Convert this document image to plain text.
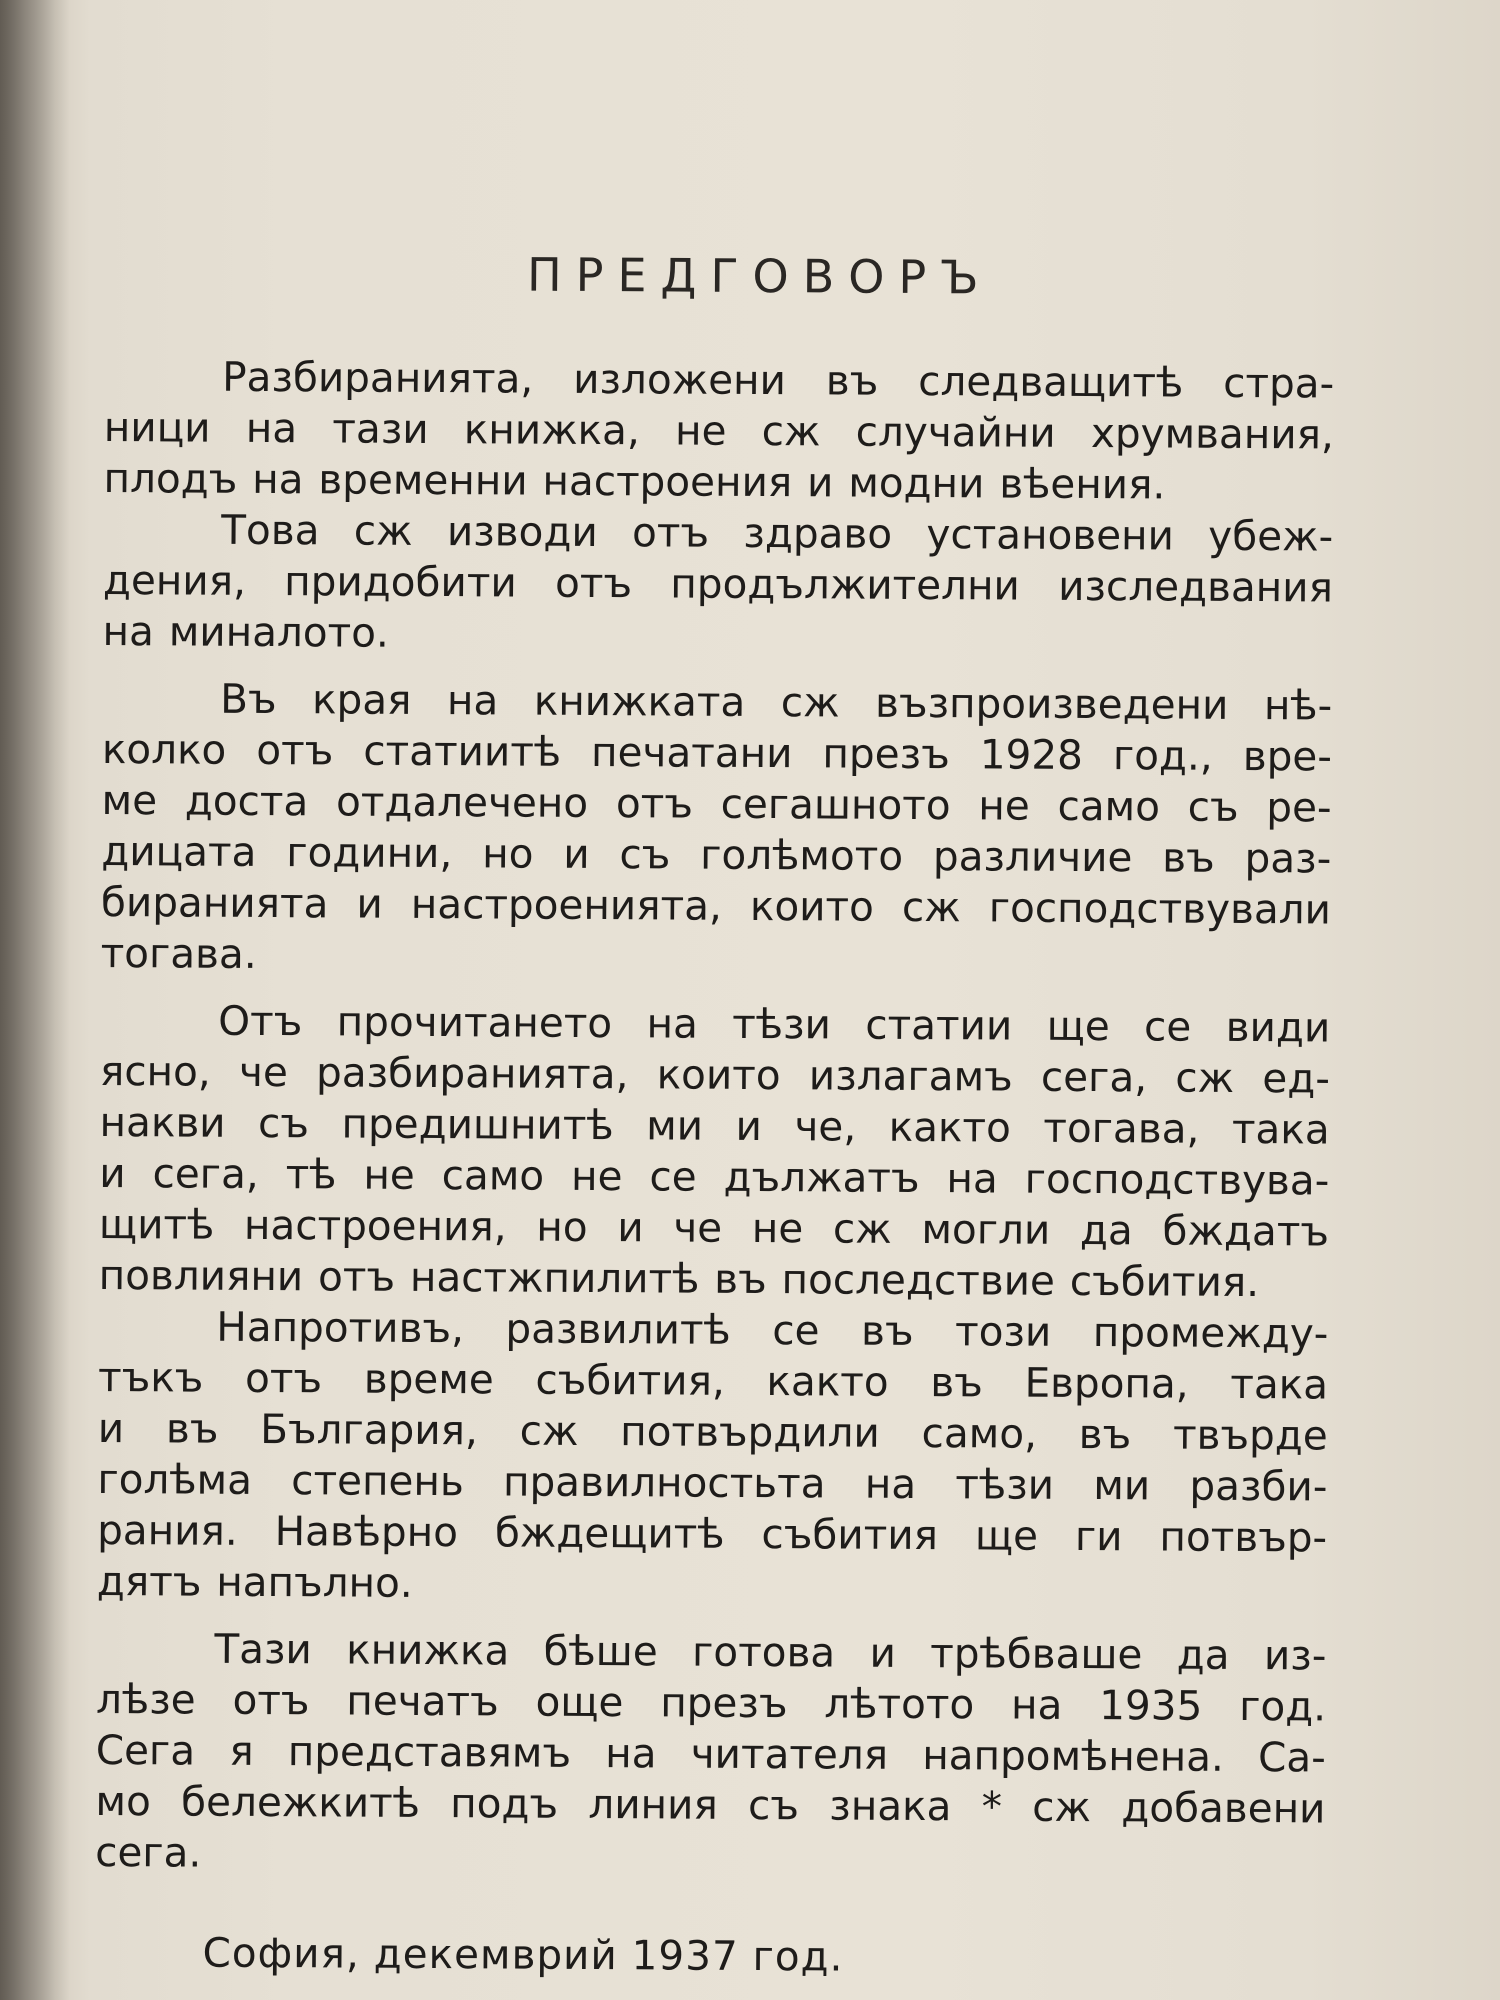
ПРЕДГОВОРЪ
Разбиранията, изложени въ следващитѣ стра-
ници на тази книжка, не сж случайни хрумвания,
плодъ на временни настроения и модни вѣения.
Това сж изводи отъ здраво установени убеж-
дения, придобити отъ продължителни изследвания
на миналото.
Въ края на книжката сж възпроизведени нѣ-
колко отъ статиитѣ печатани презъ 1928 год., вре-
ме доста отдалечено отъ сегашното не само съ ре-
дицата години, но и съ голѣмото различие въ раз-
биранията и настроенията, които сж господствували
тогава.
Отъ прочитането на тѣзи статии ще се види
ясно, че разбиранията, които излагамъ сега, сж ед-
накви съ предишнитѣ ми и че, както тогава, така
и сега, тѣ не само не се дължатъ на господствува-
щитѣ настроения, но и че не сж могли да бждатъ
повлияни отъ настжпилитѣ въ последствие събития.
Напротивъ, развилитѣ се въ този промежду-
тъкъ отъ време събития, както въ Европа, така
и въ България, сж потвърдили само, въ твърде
голѣма степень правилностьта на тѣзи ми разби-
рания. Навѣрно бждещитѣ събития ще ги потвър-
дятъ напълно.
Тази книжка бѣше готова и трѣбваше да из-
лѣзе отъ печатъ още презъ лѣтото на 1935 год.
Сега я представямъ на читателя напромѣнена. Са-
мо бележкитѣ подъ линия съ знака * сж добавени
сега.
София, декемврий 1937 год.
